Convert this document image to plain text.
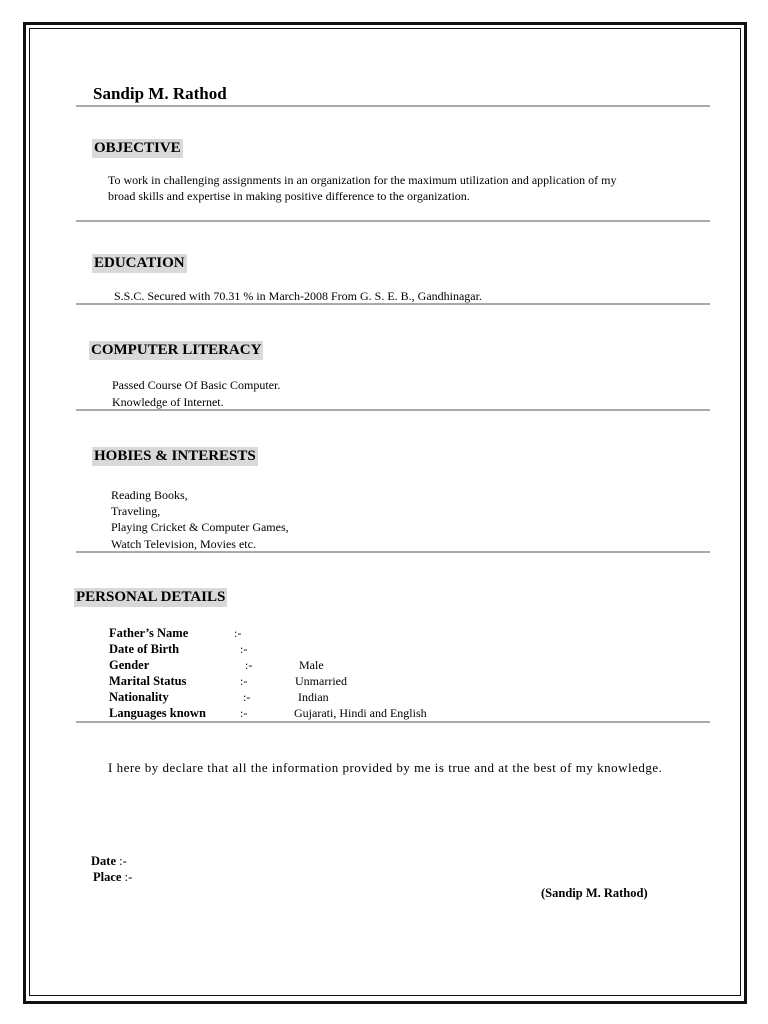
Sandip M. Rathod
OBJECTIVE
To work in challenging assignments in an organization for the maximum utilization and application of my
broad skills and expertise in making positive difference to the organization.
EDUCATION
S.S.C. Secured with 70.31 % in March-2008 From G. S. E. B., Gandhinagar.
COMPUTER LITERACY
Passed Course Of Basic Computer.
Knowledge of Internet.
HOBIES & INTERESTS
Reading Books,
Traveling,
Playing Cricket & Computer Games,
Watch Television, Movies etc.
PERSONAL DETAILS
Father’s Name	:-
Date of Birth	:-
Gender	:-	Male
Marital Status	:-	Unmarried
Nationality	:-	Indian
Languages known	:-	Gujarati, Hindi and English
I here by declare that all the information provided by me is true and at the best of my knowledge.
Date :-
Place :-
(Sandip M. Rathod)
